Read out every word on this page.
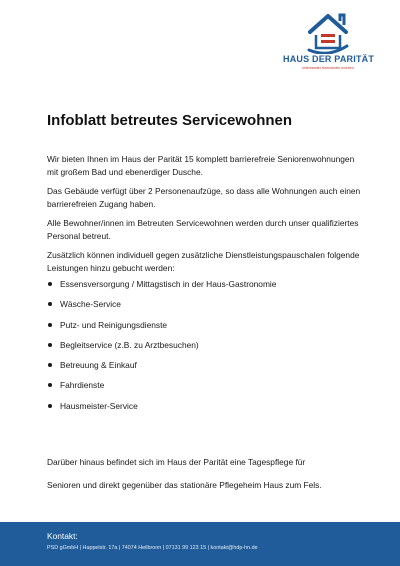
HAUS DER PARITÄT
miteinander füreinander wohnen
Infoblatt betreutes Servicewohnen

Wir bieten Ihnen im Haus der Parität 15 komplett barrierefreie Seniorenwohnungen mit großem Bad und ebenerdiger Dusche.

Das Gebäude verfügt über 2 Personenaufzüge, so dass alle Wohnungen auch einen barrierefreien Zugang haben.

Alle Bewohner/innen im Betreuten Servicewohnen werden durch unser qualifiziertes Personal betreut.

Zusätzlich können individuell gegen zusätzliche Dienstleistungspauschalen folgende Leistungen hinzu gebucht werden:

Essensversorgung / Mittagstisch in der Haus-Gastronomie
Wäsche-Service
Putz- und Reinigungsdienste
Begleitservice (z.B. zu Arztbesuchen)
Betreuung & Einkauf
Fahrdienste
Hausmeister-Service
Darüber hinaus befindet sich im Haus der Parität eine Tagespflege für
Senioren und direkt gegenüber das stationäre Pflegeheim Haus zum Fels.
Kontakt:
PSD gGmbH | Happelstr. 17a | 74074 Heilbronn | 07131 99 123 15 | kontakt@hdp-hn.de
